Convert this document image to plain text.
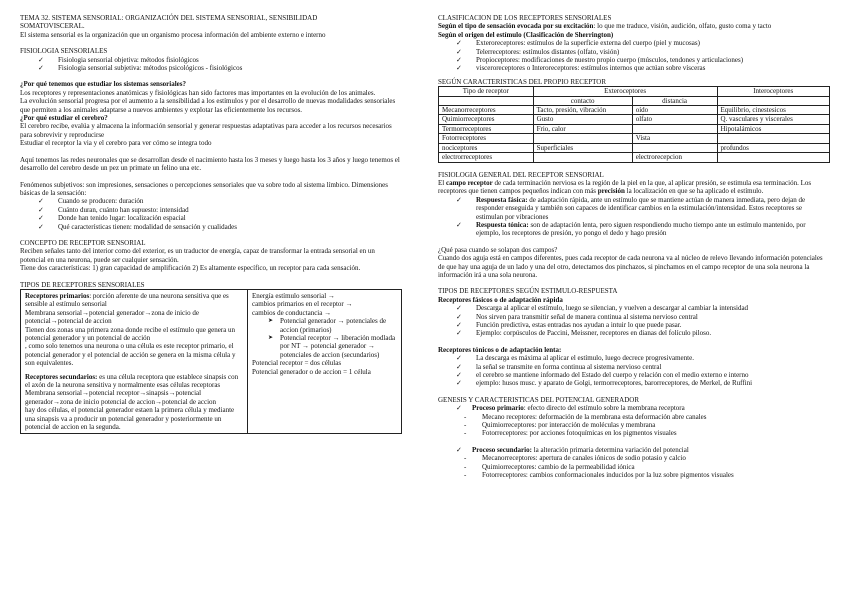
TEMA 32. SISTEMA SENSORIAL: ORGANIZACIÓN DEL SISTEMA SENSORIAL, SENSIBILIDAD

SOMATOVISCERAL.

El sistema sensorial es la organización que un organismo procesa información del ambiente externo e interno

FISIOLOGIA SENSORIALES

✓ Fisiologia sensorial objetiva: métodos fisiológicos
✓ Fisiologia sensorial subjetiva: métodos psicológicos - fisiológicos

¿Por qué tenemos que estudiar los sistemas sensoriales?

Los receptores y representaciones anatómicas y fisiológicas han sido factores mas importantes en la evolución de los animales.

La evolución sensorial progresa por el aumento a la sensibilidad a los estímulos y por el desarrollo de nuevas modalidades sensoriales que permiten a los animales adaptarse a nuevos ambientes y explotar las eficientemente los recursos.

¿Por qué estudiar el cerebro?

El cerebro recibe, evalúa y almacena la información sensorial y generar respuestas adaptativas para acceder a los recursos necesarios para sobrevivir y reproducirse

Estudiar el receptor la via y el cerebro para ver cómo se integra todo

Aquí tenemos las redes neuronales que se desarrollan desde el nacimiento hasta los 3 meses y luego hasta los 3 años y luego tenemos el desarrollo del cerebro desde un pez un primate un felino una etc.

Fenómenos subjetivos: son impresiones, sensaciones o percepciones sensoriales que va sobre todo al sistema límbico. Dimensiones básicas de la sensación:

✓ Cuando se producen: duración
✓ Cuánto duran, cuánto han supuesto: intensidad
✓ Donde han tenido lugar: localización espacial
✓ Qué características tienen: modalidad de sensación y cualidades

CONCEPTO DE RECEPTOR SENSORIAL

Reciben señales tanto del interior como del exterior, es un traductor de energía, capaz de transformar la entrada sensorial en un potencial en una neurona, puede ser cualquier sensación.

Tiene dos características: 1) gran capacidad de amplificación 2) Es altamente específico, un receptor para cada sensación.

TIPOS DE RECEPTORES SENSORIALES

Receptores primarios: porción aferente de una neurona sensitiva que es sensible al estímulo sensorial

Membrana sensorial→potencial generador→zona de inicio de potencial→potencial de accion

Tienen dos zonas una primera zona donde recibe el estímulo que genera un potencial generador y un potencial de acción

, como solo tenemos una neurona o una célula es este receptor primario, el potencial generador y el potencial de acción se genera en la misma célula y son equivalentes.

Receptores secundarios: es una célula receptora que establece sinapsis con el axón de la neurona sensitiva y normalmente esas células receptoras

Membrana sensorial→potencial receptor→sinapsis→potencial generador→zona de inicio potencial de accion→potencial de accion

hay dos células, el potencial generador estaen la primera célula y mediante una sinapsis va a producir un potencial generador y posteriormente un potencial de accion en la segunda.

Energía estímulo sensorial →

cambios primarios en el receptor →

cambios de conductancia →

➤ Potencial generador → potenciales de accion (primarios)

➤ Potencial receptor → liberación modlada por NT → potencial generador → potenciales de accion (secundarios)

Potencial receptor = dos células

Potencial generador o de accion = 1 célula

CLASIFICACION DE LOS RECEPTORES SENSORIALES

Según el tipo de sensación evocada por su excitación: lo que me traduce, visión, audición, olfato, gusto coma y tacto

Según el origen del estímulo (Clasificación de Sherrington)

✓ Exteroreceptores: estímulos de la superficie externa del cuerpo (piel y mucosas)
✓ Telerreceptores: estímulos distantes (olfato, visión)
✓ Propioceptores: modificaciones de nuestro propio cuerpo (músculos, tendones y articulaciones)
✓ visceroreceptores o Interoreceptores: estímulos internos que actúan sobre vísceras

SEGÚN CARACTERISTICAS DEL PROPIO RECEPTOR

Tipo de receptor	Exteroceptores		Interoceptores
	contacto	distancia	
Mecanorreceptores	Tacto, presión, vibración	oído	Equilibrio, cinestesicos
Quimiorreceptores	Gusto	olfato	Q. vasculares y viscerales
Termorreceptores	Frio, calor		Hipotalámicos
Fotorreceptores		Vista	
nociceptores	Superficiales		profundos
electrorreceptores		electrorecepcion	

FISIOLOGIA GENERAL DEL RECEPTOR SENSORIAL

El campo receptor de cada terminación nerviosa es la región de la piel en la que, al aplicar presión, se estimula esa terminación. Los receptores que tienen campos pequeños indican con más precisión la localización en que se ha aplicado el estímulo.

✓ Respuesta fásica: de adaptación rápida, ante un estímulo que se mantiene actúan de manera inmediata, pero dejan de responder enseguida y también son capaces de identificar cambios en la estimulación/intensidad. Estos receptores se estimulan por vibraciones
✓ Respuesta tónica: son de adaptación lenta, pero siguen respondiendo mucho tiempo ante un estímulo mantenido, por ejemplo, los receptores de presión, yo pongo el dedo y hago presión

¿Qué pasa cuando se solapan dos campos?

Cuando dos aguja está en campos diferentes, pues cada receptor de cada neurona va al núcleo de relevo llevando información potenciales de que hay una aguja de un lado y una del otro, detectamos dos pinchazos, si pinchamos en el campo receptor de una sola neurona la información irá a una sola neurona.

TIPOS DE RECEPTORES SEGÚN ESTIMULO-RESPUESTA

Receptores fásicos o de adaptación rápida

✓ Descarga al aplicar el estímulo, luego se silencian, y vuelven a descargar al cambiar la intensidad
✓ Nos sirven para transmitir señal de manera continua al sistema nervioso central
✓ Función predictiva, estas entradas nos ayudan a intuir lo que puede pasar.
✓ Ejemplo: corpúsculos de Paccini, Meissner, receptores en dianas del folículo piloso.

Receptores tónicos o de adaptación lenta:

✓ La descarga es máxima al aplicar el estímulo, luego decrece progresivamente.
✓ la señal se transmite en forma continua al sistema nervioso central
✓ el cerebro se mantiene informado del Estado del cuerpo y relación con el medio externo e interno
✓ ejemplo: husos musc. y aparato de Golgi, termorreceptores, barorreceptores, de Merkel, de Ruffini

GENESIS Y CARACTERISTICAS DEL POTENCIAL GENERADOR

✓ Proceso primario: efecto directo del estímulo sobre la membrana receptora
- Mecano receptores: deformación de la membrana esta deformación abre canales
- Quimiorreceptores: por interacción de moléculas y membrana
- Fotorreceptores: por acciones fotoquímicas en los pigmentos visuales
✓ Proceso secundario: la alteración primaria determina variación del potencial
- Mecanorreceptores: apertura de canales iónicos de sodio potasio y calcio
- Quimiorreceptores: cambio de la permeabilidad iónica
- Fotorreceptores: cambios conformacionales inducidos por la luz sobre pigmentos visuales
